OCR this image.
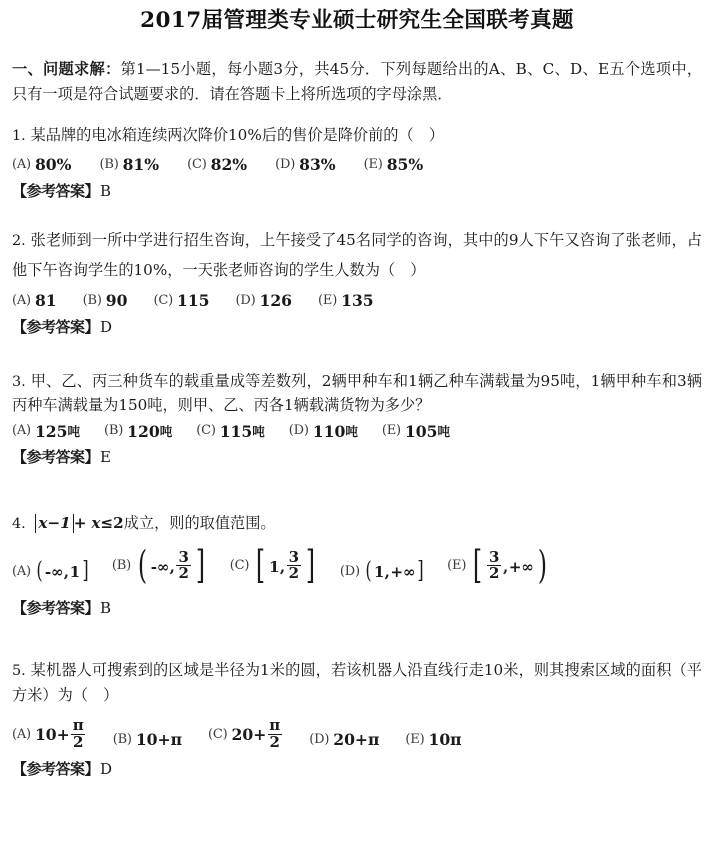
2017届管理类专业硕士研究生全国联考真题
一、问题求解：第1—15小题，每小题3分，共45分．下列每题给出的A、B、C、D、E五个选项中，只有一项是符合试题要求的．请在答题卡上将所选项的字母涂黑．
1. 某品牌的电冰箱连续两次降价10%后的售价是降价前的（　）
(A) 80% (B) 81% (C) 82% (D) 83% (E) 85%
【参考答案】B
2. 张老师到一所中学进行招生咨询，上午接受了45名同学的咨询，其中的9人下午又咨询了张老师，占他下午咨询学生的10%，一天张老师咨询的学生人数为（　）
(A) 81 (B) 90 (C) 115 (D) 126 (E) 135
【参考答案】D
3. 甲、乙、丙三种货车的载重量成等差数列，2辆甲种车和1辆乙种车满载量为95吨，1辆甲种车和3辆丙种车满载量为150吨，则甲、乙、丙各1辆载满货物为多少？
(A) 125 吨 (B) 120 吨 (C) 115 吨 (D) 110 吨 (E) 105 吨
【参考答案】E
4. x−1 + x≤2成立，则的取值范围。
(A) ( -∞ , 1 ] (B) ( -∞ , $\frac{3}{2}$ ] (C) [ 1 , $\frac{3}{2}$ ] (D) ( 1 , +∞ ] (E) [ $\frac{3}{2}$ , +∞ )
【参考答案】B
5. 某机器人可搜索到的区域是半径为1米的圆，若该机器人沿直线行走10米，则其搜索区域的面积（平方米）为（　）
(A) $10+ \frac{\pi}{2} (B)$ 10+π (C) $20+ \frac{\pi}{2} (D)$ 20+π (E) 10π
【参考答案】D
